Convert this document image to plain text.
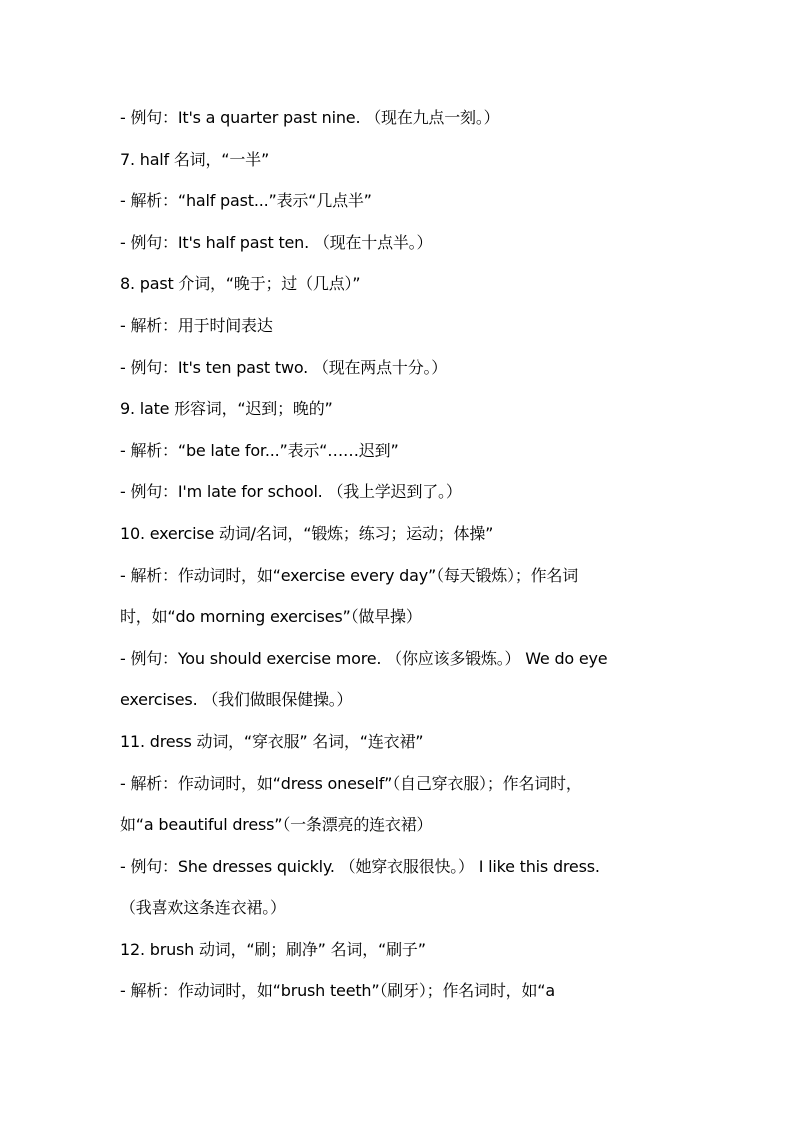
- 例句：It's a quarter past nine. （现在九点一刻。）
7. half 名词，“一半”
- 解析：“half past...”表示“几点半”
- 例句：It's half past ten. （现在十点半。）
8. past 介词，“晚于；过（几点）”
- 解析：用于时间表达
- 例句：It's ten past two. （现在两点十分。）
9. late 形容词，“迟到；晚的”
- 解析：“be late for...”表示“……迟到”
- 例句：I'm late for school. （我上学迟到了。）
10. exercise 动词/名词，“锻炼；练习；运动；体操”
- 解析：作动词时，如“exercise every day”（每天锻炼）；作名词
时，如“do morning exercises”（做早操）
- 例句：You should exercise more. （你应该多锻炼。） We do eye
exercises. （我们做眼保健操。）
11. dress 动词，“穿衣服” 名词，“连衣裙”
- 解析：作动词时，如“dress oneself”（自己穿衣服）；作名词时，
如“a beautiful dress”（一条漂亮的连衣裙）
- 例句：She dresses quickly. （她穿衣服很快。） I like this dress.
（我喜欢这条连衣裙。）
12. brush 动词，“刷；刷净” 名词，“刷子”
- 解析：作动词时，如“brush teeth”（刷牙）；作名词时，如“a
